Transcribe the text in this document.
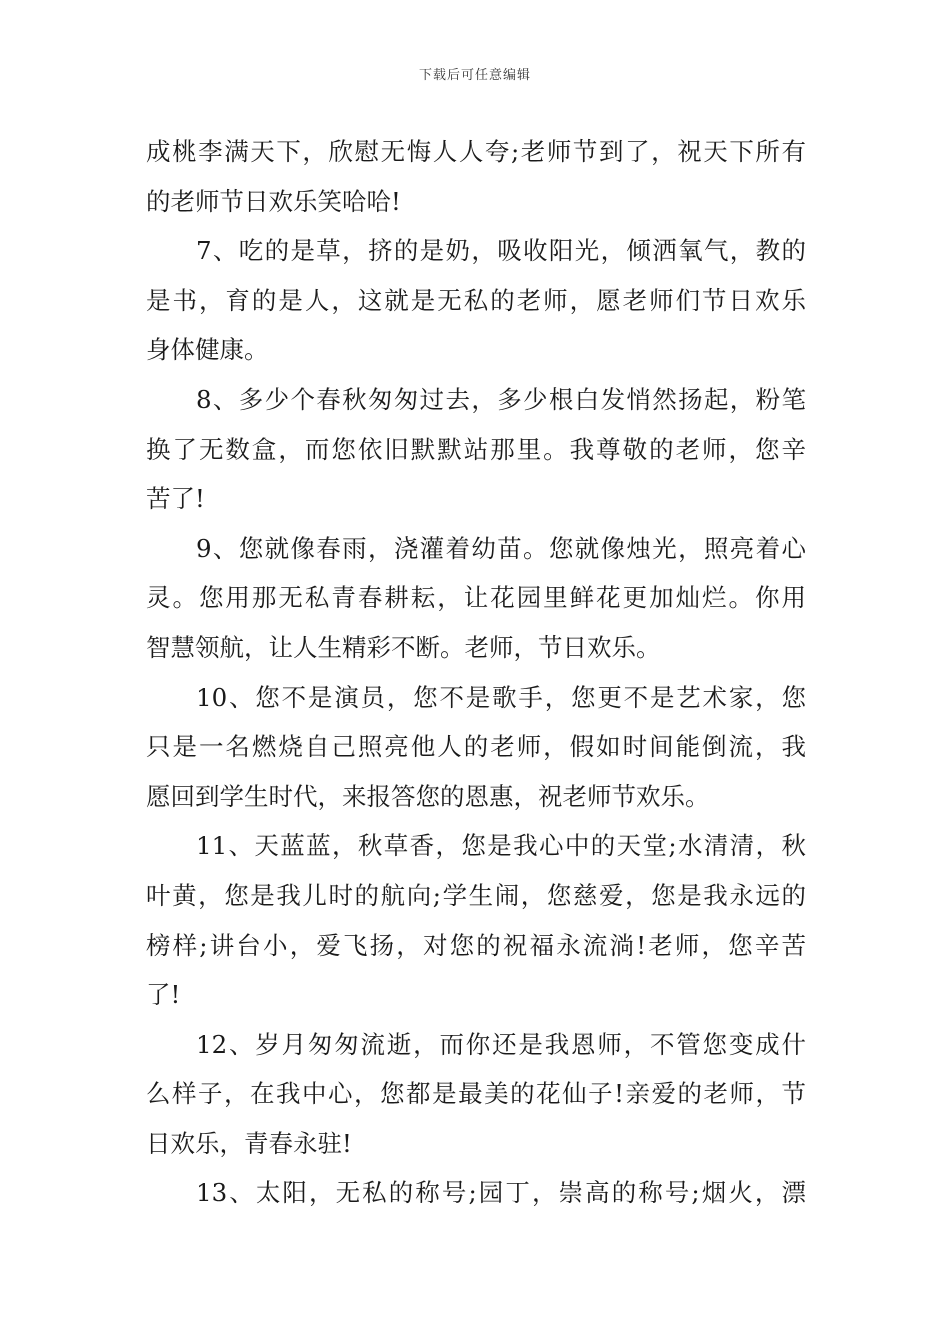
下载后可任意编辑
成桃李满天下，欣慰无悔人人夸;老师节到了，祝天下所有
的老师节日欢乐笑哈哈!
7、吃的是草，挤的是奶，吸收阳光，倾洒氧气，教的
是书，育的是人，这就是无私的老师，愿老师们节日欢乐
身体健康。
8、多少个春秋匆匆过去，多少根白发悄然扬起，粉笔
换了无数盒，而您依旧默默站那里。我尊敬的老师，您辛
苦了!
9、您就像春雨，浇灌着幼苗。您就像烛光，照亮着心
灵。您用那无私青春耕耘，让花园里鲜花更加灿烂。你用
智慧领航，让人生精彩不断。老师，节日欢乐。
10、您不是演员，您不是歌手，您更不是艺术家，您
只是一名燃烧自己照亮他人的老师，假如时间能倒流，我
愿回到学生时代，来报答您的恩惠，祝老师节欢乐。
11、天蓝蓝，秋草香，您是我心中的天堂;水清清，秋
叶黄，您是我儿时的航向;学生闹，您慈爱，您是我永远的
榜样;讲台小，爱飞扬，对您的祝福永流淌!老师，您辛苦
了!
12、岁月匆匆流逝，而你还是我恩师，不管您变成什
么样子，在我中心，您都是最美的花仙子!亲爱的老师，节
日欢乐，青春永驻!
13、太阳，无私的称号;园丁，崇高的称号;烟火，漂
